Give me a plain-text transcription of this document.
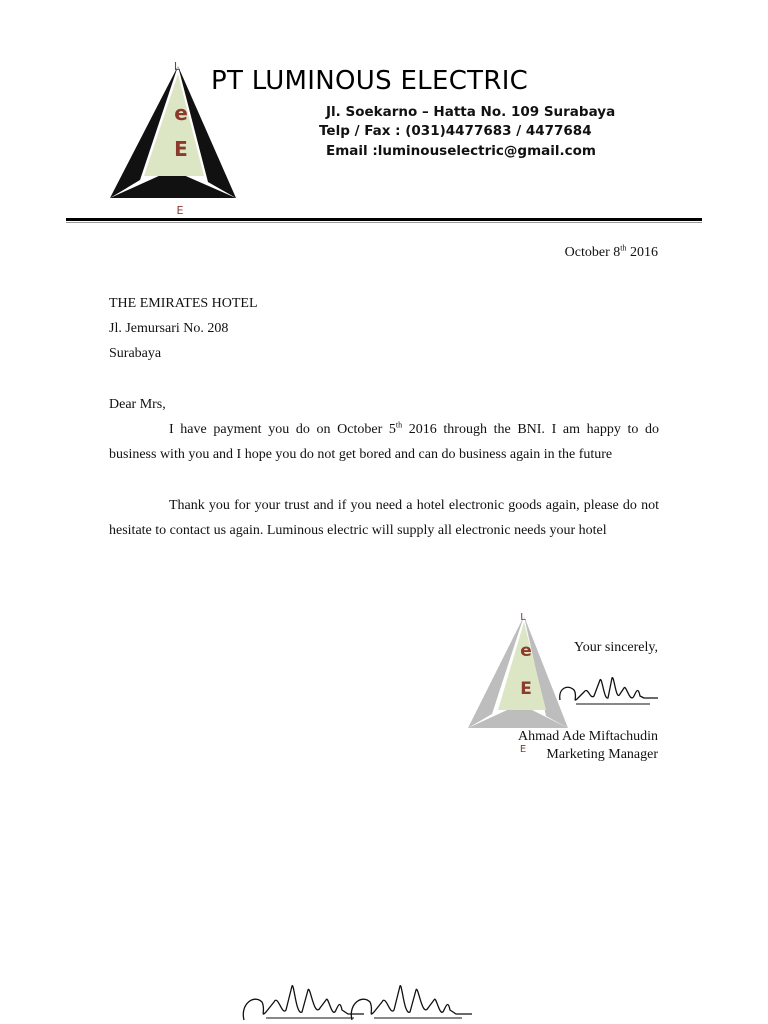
L
e
E
E
PT LUMINOUS ELECTRIC
Jl. Soekarno – Hatta No. 109 Surabaya
Telp / Fax : (031)4477683 / 4477684
Email :luminouselectric@gmail.com
October 8th 2016
THE EMIRATES HOTEL
Jl. Jemursari No. 208
Surabaya
Dear Mrs,
I have payment you do on October 5th 2016 through the BNI. I am happy to do business with you and I hope you do not get bored and can do business again in the future
Thank you for your trust and if you need a hotel electronic goods again, please do not hesitate to contact us again. Luminous electric will supply all electronic needs your hotel
L
e
E
E
Your sincerely,
Ahmad Ade Miftachudin
Marketing Manager
